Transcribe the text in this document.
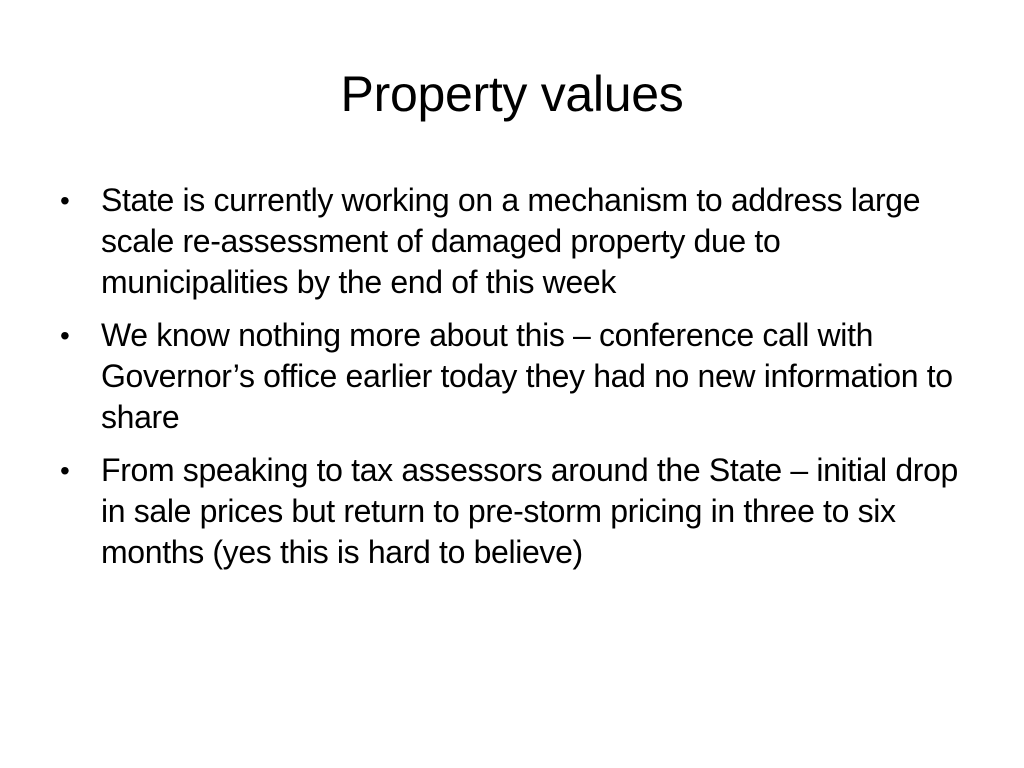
Property values
• State is currently working on a mechanism to address large scale re-assessment of damaged property due to municipalities by the end of this week
• We know nothing more about this – conference call with Governor’s office earlier today they had no new information to share
• From speaking to tax assessors around the State – initial drop in sale prices but return to pre-storm pricing in three to six months (yes this is hard to believe)
